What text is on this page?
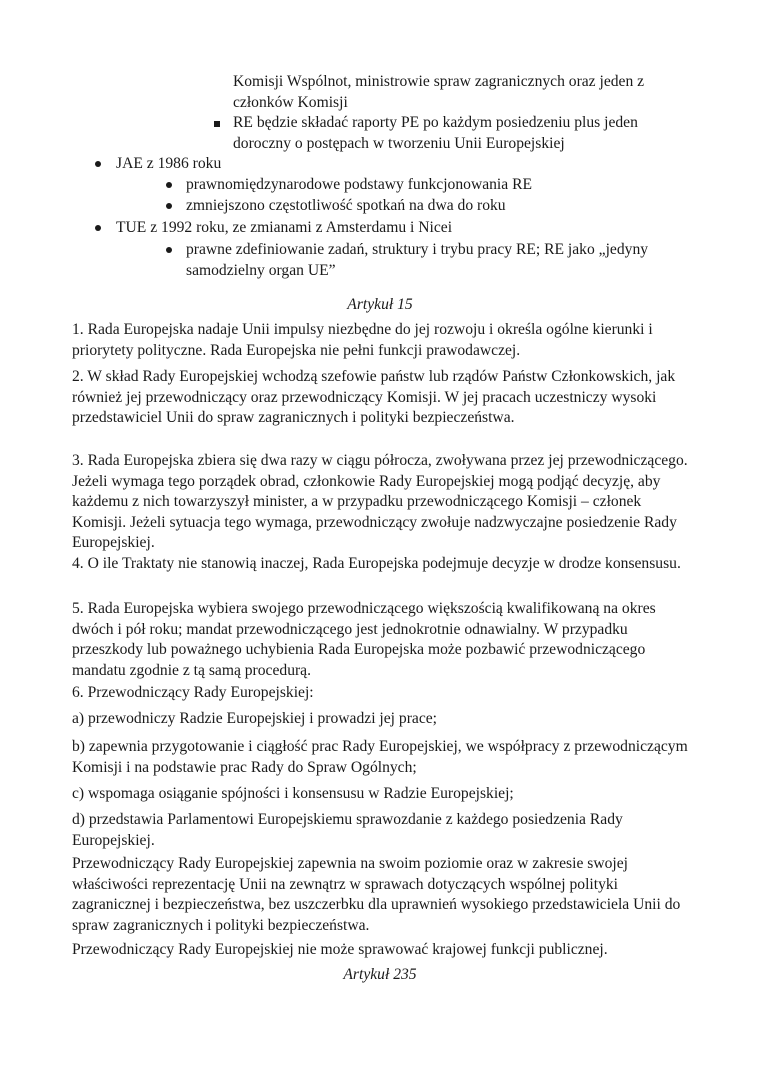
Komisji Wspólnot, ministrowie spraw zagranicznych oraz jeden z członków Komisji
RE będzie składać raporty PE po każdym posiedzeniu plus jeden doroczny o postępach w tworzeniu Unii Europejskiej
JAE z 1986 roku
prawnomiędzynarodowe podstawy funkcjonowania RE
zmniejszono częstotliwość spotkań na dwa do roku
TUE z 1992 roku, ze zmianami z Amsterdamu i Nicei
prawne zdefiniowanie zadań, struktury i trybu pracy RE; RE jako „jedyny samodzielny organ UE”
Artykuł 15
1. Rada Europejska nadaje Unii impulsy niezbędne do jej rozwoju i określa ogólne kierunki i priorytety polityczne. Rada Europejska nie pełni funkcji prawodawczej.
2. W skład Rady Europejskiej wchodzą szefowie państw lub rządów Państw Członkowskich, jak również jej przewodniczący oraz przewodniczący Komisji. W jej pracach uczestniczy wysoki przedstawiciel Unii do spraw zagranicznych i polityki bezpieczeństwa.
3. Rada Europejska zbiera się dwa razy w ciągu półrocza, zwoływana przez jej przewodniczącego. Jeżeli wymaga tego porządek obrad, członkowie Rady Europejskiej mogą podjąć decyzję, aby każdemu z nich towarzyszył minister, a w przypadku przewodniczącego Komisji – członek Komisji. Jeżeli sytuacja tego wymaga, przewodniczący zwołuje nadzwyczajne posiedzenie Rady Europejskiej.
4. O ile Traktaty nie stanowią inaczej, Rada Europejska podejmuje decyzje w drodze konsensusu.
5. Rada Europejska wybiera swojego przewodniczącego większością kwalifikowaną na okres dwóch i pół roku; mandat przewodniczącego jest jednokrotnie odnawialny. W przypadku przeszkody lub poważnego uchybienia Rada Europejska może pozbawić przewodniczącego mandatu zgodnie z tą samą procedurą.
6. Przewodniczący Rady Europejskiej:
a) przewodniczy Radzie Europejskiej i prowadzi jej prace;
b) zapewnia przygotowanie i ciągłość prac Rady Europejskiej, we współpracy z przewodniczącym Komisji i na podstawie prac Rady do Spraw Ogólnych;
c) wspomaga osiąganie spójności i konsensusu w Radzie Europejskiej;
d) przedstawia Parlamentowi Europejskiemu sprawozdanie z każdego posiedzenia Rady Europejskiej.
Przewodniczący Rady Europejskiej zapewnia na swoim poziomie oraz w zakresie swojej właściwości reprezentację Unii na zewnątrz w sprawach dotyczących wspólnej polityki zagranicznej i bezpieczeństwa, bez uszczerbku dla uprawnień wysokiego przedstawiciela Unii do spraw zagranicznych i polityki bezpieczeństwa.
Przewodniczący Rady Europejskiej nie może sprawować krajowej funkcji publicznej.
Artykuł 235
